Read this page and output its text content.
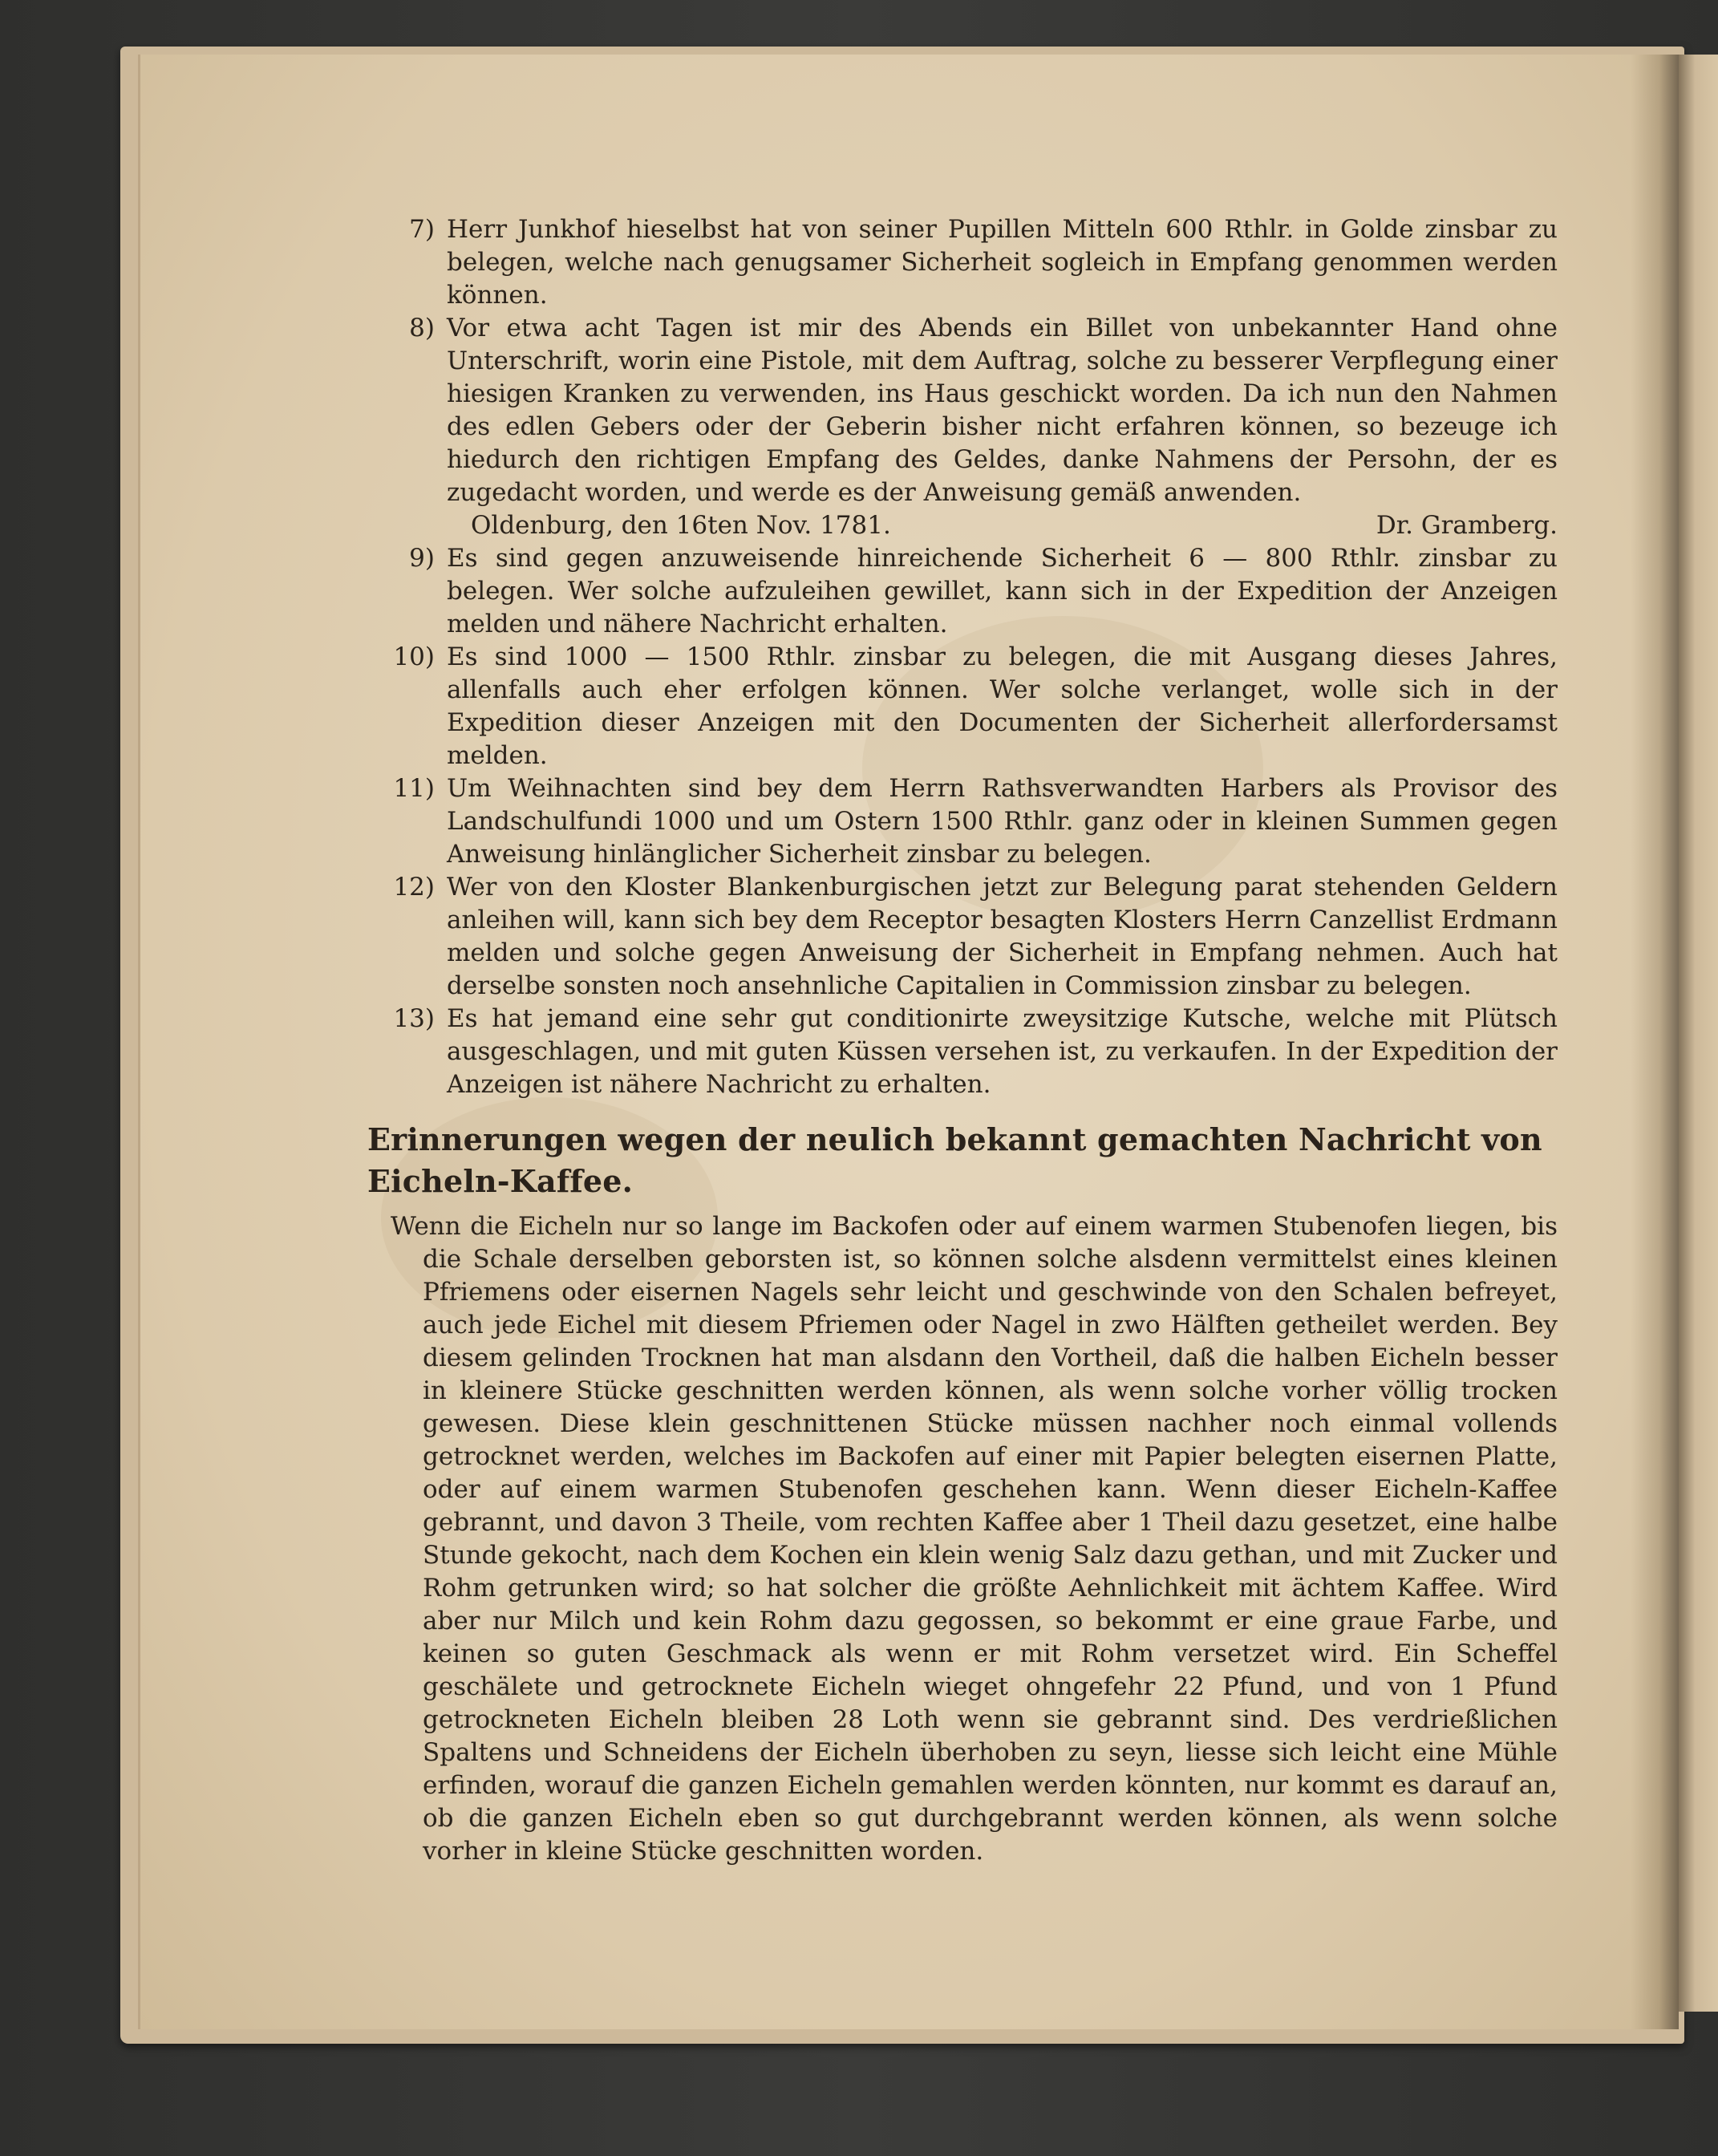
7) Herr Junkhof hieselbst hat von seiner Pupillen Mitteln 600 Rthlr. in Golde zinsbar zu belegen, welche nach genugsamer Sicherheit sogleich in Empfang genommen werden können.
8) Vor etwa acht Tagen ist mir des Abends ein Billet von unbekannter Hand ohne Unterschrift, worin eine Pistole, mit dem Auftrag, solche zu besserer Verpflegung einer hiesigen Kranken zu verwenden, ins Haus geschickt worden. Da ich nun den Nahmen des edlen Gebers oder der Geberin bisher nicht erfahren können, so bezeuge ich hiedurch den richtigen Empfang des Geldes, danke Nahmens der Persohn, der es zugedacht worden, und werde es der Anweisung gemäß anwenden.
Oldenburg, den 16ten Nov. 1781.	Dr. Gramberg.
9) Es sind gegen anzuweisende hinreichende Sicherheit 6 — 800 Rthlr. zinsbar zu belegen. Wer solche aufzuleihen gewillet, kann sich in der Expedition der Anzeigen melden und nähere Nachricht erhalten.
10) Es sind 1000 — 1500 Rthlr. zinsbar zu belegen, die mit Ausgang dieses Jahres, allenfalls auch eher erfolgen können. Wer solche verlanget, wolle sich in der Expedition dieser Anzeigen mit den Documenten der Sicherheit allerfordersamst melden.
11) Um Weihnachten sind bey dem Herrn Rathsverwandten Harbers als Provisor des Landschulfundi 1000 und um Ostern 1500 Rthlr. ganz oder in kleinen Summen gegen Anweisung hinlänglicher Sicherheit zinsbar zu belegen.
12) Wer von den Kloster Blankenburgischen jetzt zur Belegung parat stehenden Geldern anleihen will, kann sich bey dem Receptor besagten Klosters Herrn Canzellist Erdmann melden und solche gegen Anweisung der Sicherheit in Empfang nehmen. Auch hat derselbe sonsten noch ansehnliche Capitalien in Commission zinsbar zu belegen.
13) Es hat jemand eine sehr gut conditionirte zweysitzige Kutsche, welche mit Plütsch ausgeschlagen, und mit guten Küssen versehen ist, zu verkaufen. In der Expedition der Anzeigen ist nähere Nachricht zu erhalten.
Erinnerungen wegen der neulich bekannt gemachten Nachricht von Eicheln-Kaffee.
Wenn die Eicheln nur so lange im Backofen oder auf einem warmen Stubenofen liegen, bis die Schale derselben geborsten ist, so können solche alsdenn vermittelst eines kleinen Pfriemens oder eisernen Nagels sehr leicht und geschwinde von den Schalen befreyet, auch jede Eichel mit diesem Pfriemen oder Nagel in zwo Hälften getheilet werden. Bey diesem gelinden Trocknen hat man alsdann den Vortheil, daß die halben Eicheln besser in kleinere Stücke geschnitten werden können, als wenn solche vorher völlig trocken gewesen. Diese klein geschnittenen Stücke müssen nachher noch einmal vollends getrocknet werden, welches im Backofen auf einer mit Papier belegten eisernen Platte, oder auf einem warmen Stubenofen geschehen kann. Wenn dieser Eicheln-Kaffee gebrannt, und davon 3 Theile, vom rechten Kaffee aber 1 Theil dazu gesetzet, eine halbe Stunde gekocht, nach dem Kochen ein klein wenig Salz dazu gethan, und mit Zucker und Rohm getrunken wird; so hat solcher die größte Aehnlichkeit mit ächtem Kaffee. Wird aber nur Milch und kein Rohm dazu gegossen, so bekommt er eine graue Farbe, und keinen so guten Geschmack als wenn er mit Rohm versetzet wird. Ein Scheffel geschälete und getrocknete Eicheln wieget ohngefehr 22 Pfund, und von 1 Pfund getrockneten Eicheln bleiben 28 Loth wenn sie gebrannt sind. Des verdrießlichen Spaltens und Schneidens der Eicheln überhoben zu seyn, liesse sich leicht eine Mühle erfinden, worauf die ganzen Eicheln gemahlen werden könnten, nur kommt es darauf an, ob die ganzen Eicheln eben so gut durchgebrannt werden können, als wenn solche vorher in kleine Stücke geschnitten worden.
